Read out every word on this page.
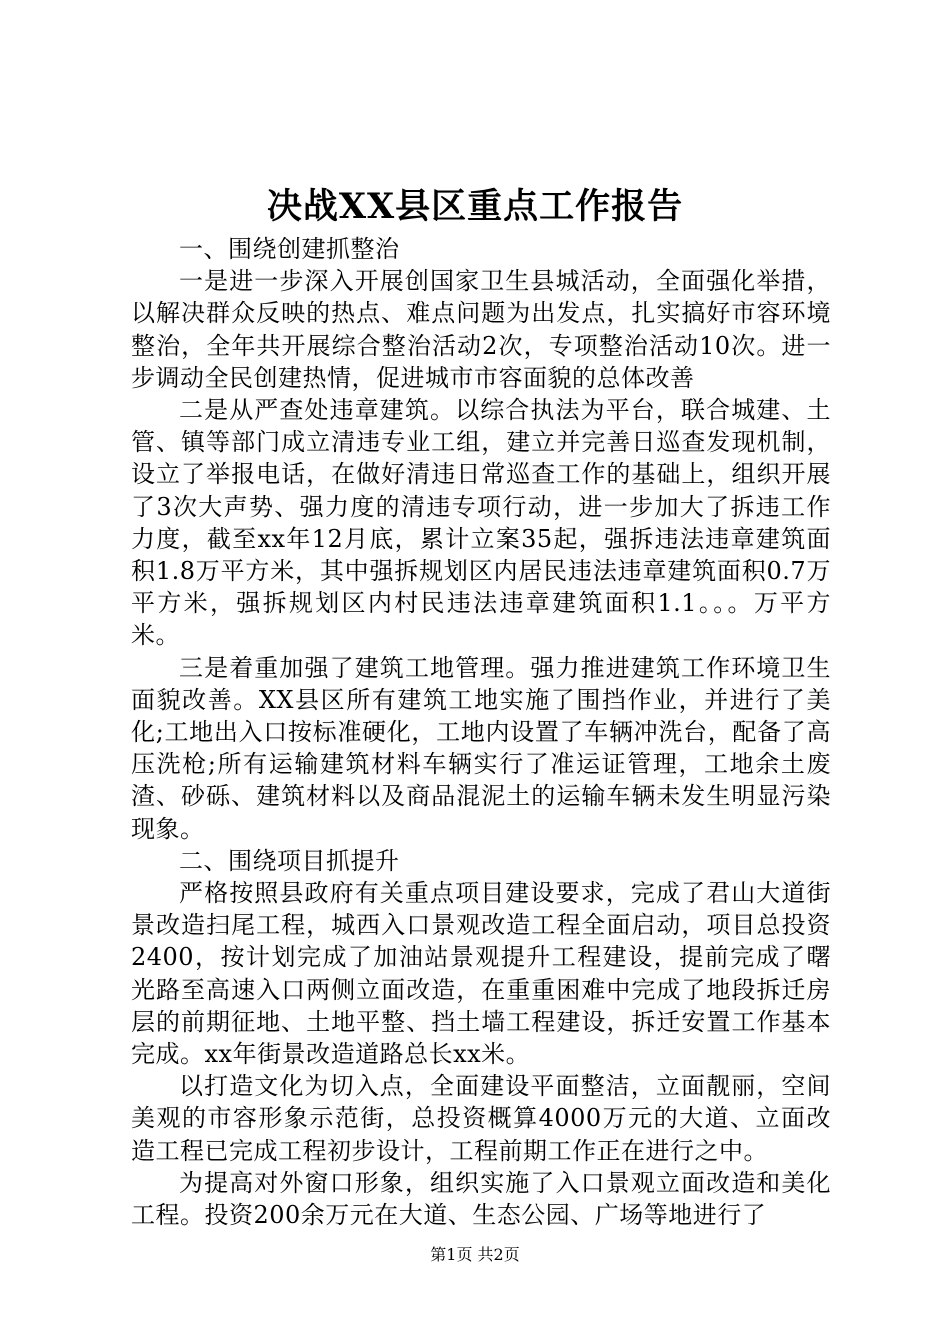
决战XX县区重点工作报告

一、围绕创建抓整治

一是进一步深入开展创国家卫生县城活动，全面强化举措，以解决群众反映的热点、难点问题为出发点，扎实搞好市容环境整治，全年共开展综合整治活动2次，专项整治活动10次。进一步调动全民创建热情，促进城市市容面貌的总体改善

二是从严查处违章建筑。以综合执法为平台，联合城建、土管、镇等部门成立清违专业工组，建立并完善日巡查发现机制，设立了举报电话，在做好清违日常巡查工作的基础上，组织开展了3次大声势、强力度的清违专项行动，进一步加大了拆违工作力度，截至xx年12月底，累计立案35起，强拆违法违章建筑面积1.8万平方米，其中强拆规划区内居民违法违章建筑面积0.7万平方米，强拆规划区内村民违法违章建筑面积1.1。。。万平方米。

三是着重加强了建筑工地管理。强力推进建筑工作环境卫生面貌改善。XX县区所有建筑工地实施了围挡作业，并进行了美化;工地出入口按标准硬化，工地内设置了车辆冲洗台，配备了高压洗枪;所有运输建筑材料车辆实行了准运证管理，工地余土废渣、砂砾、建筑材料以及商品混泥土的运输车辆未发生明显污染现象。

二、围绕项目抓提升

严格按照县政府有关重点项目建设要求，完成了君山大道街景改造扫尾工程，城西入口景观改造工程全面启动，项目总投资2400，按计划完成了加油站景观提升工程建设，提前完成了曙光路至高速入口两侧立面改造，在重重困难中完成了地段拆迁房层的前期征地、土地平整、挡土墙工程建设，拆迁安置工作基本完成。xx年街景改造道路总长xx米。

以打造文化为切入点，全面建设平面整洁，立面靓丽，空间美观的市容形象示范街，总投资概算4000万元的大道、立面改造工程已完成工程初步设计，工程前期工作正在进行之中。

为提高对外窗口形象，组织实施了入口景观立面改造和美化工程。投资200余万元在大道、生态公园、广场等地进行了

第1页 共2页
